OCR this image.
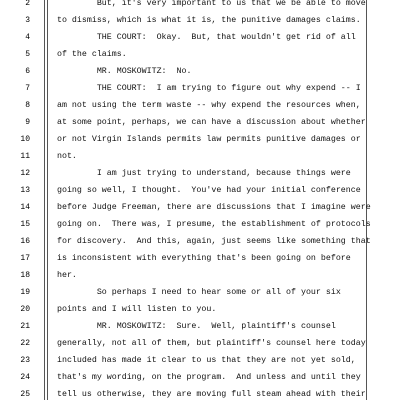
2
3
4
5
6
7
8
9
10
11
12
13
14
15
16
17
18
19
20
21
22
23
24
25
But, it's very important to us that we be able to move
to dismiss, which is what it is, the punitive damages claims.
THE COURT:  Okay.  But, that wouldn't get rid of all
of the claims.
MR. MOSKOWITZ:  No.
THE COURT:  I am trying to figure out why expend -- I
am not using the term waste -- why expend the resources when,
at some point, perhaps, we can have a discussion about whether
or not Virgin Islands permits law permits punitive damages or
not.
I am just trying to understand, because things were
going so well, I thought.  You've had your initial conference
before Judge Freeman, there are discussions that I imagine were
going on.  There was, I presume, the establishment of protocols
for discovery.  And this, again, just seems like something that
is inconsistent with everything that's been going on before
her.
So perhaps I need to hear some or all of your six
points and I will listen to you.
MR. MOSKOWITZ:  Sure.  Well, plaintiff's counsel
generally, not all of them, but plaintiff's counsel here today
included has made it clear to us that they are not yet sold,
that's my wording, on the program.  And unless and until they
tell us otherwise, they are moving full steam ahead with their
